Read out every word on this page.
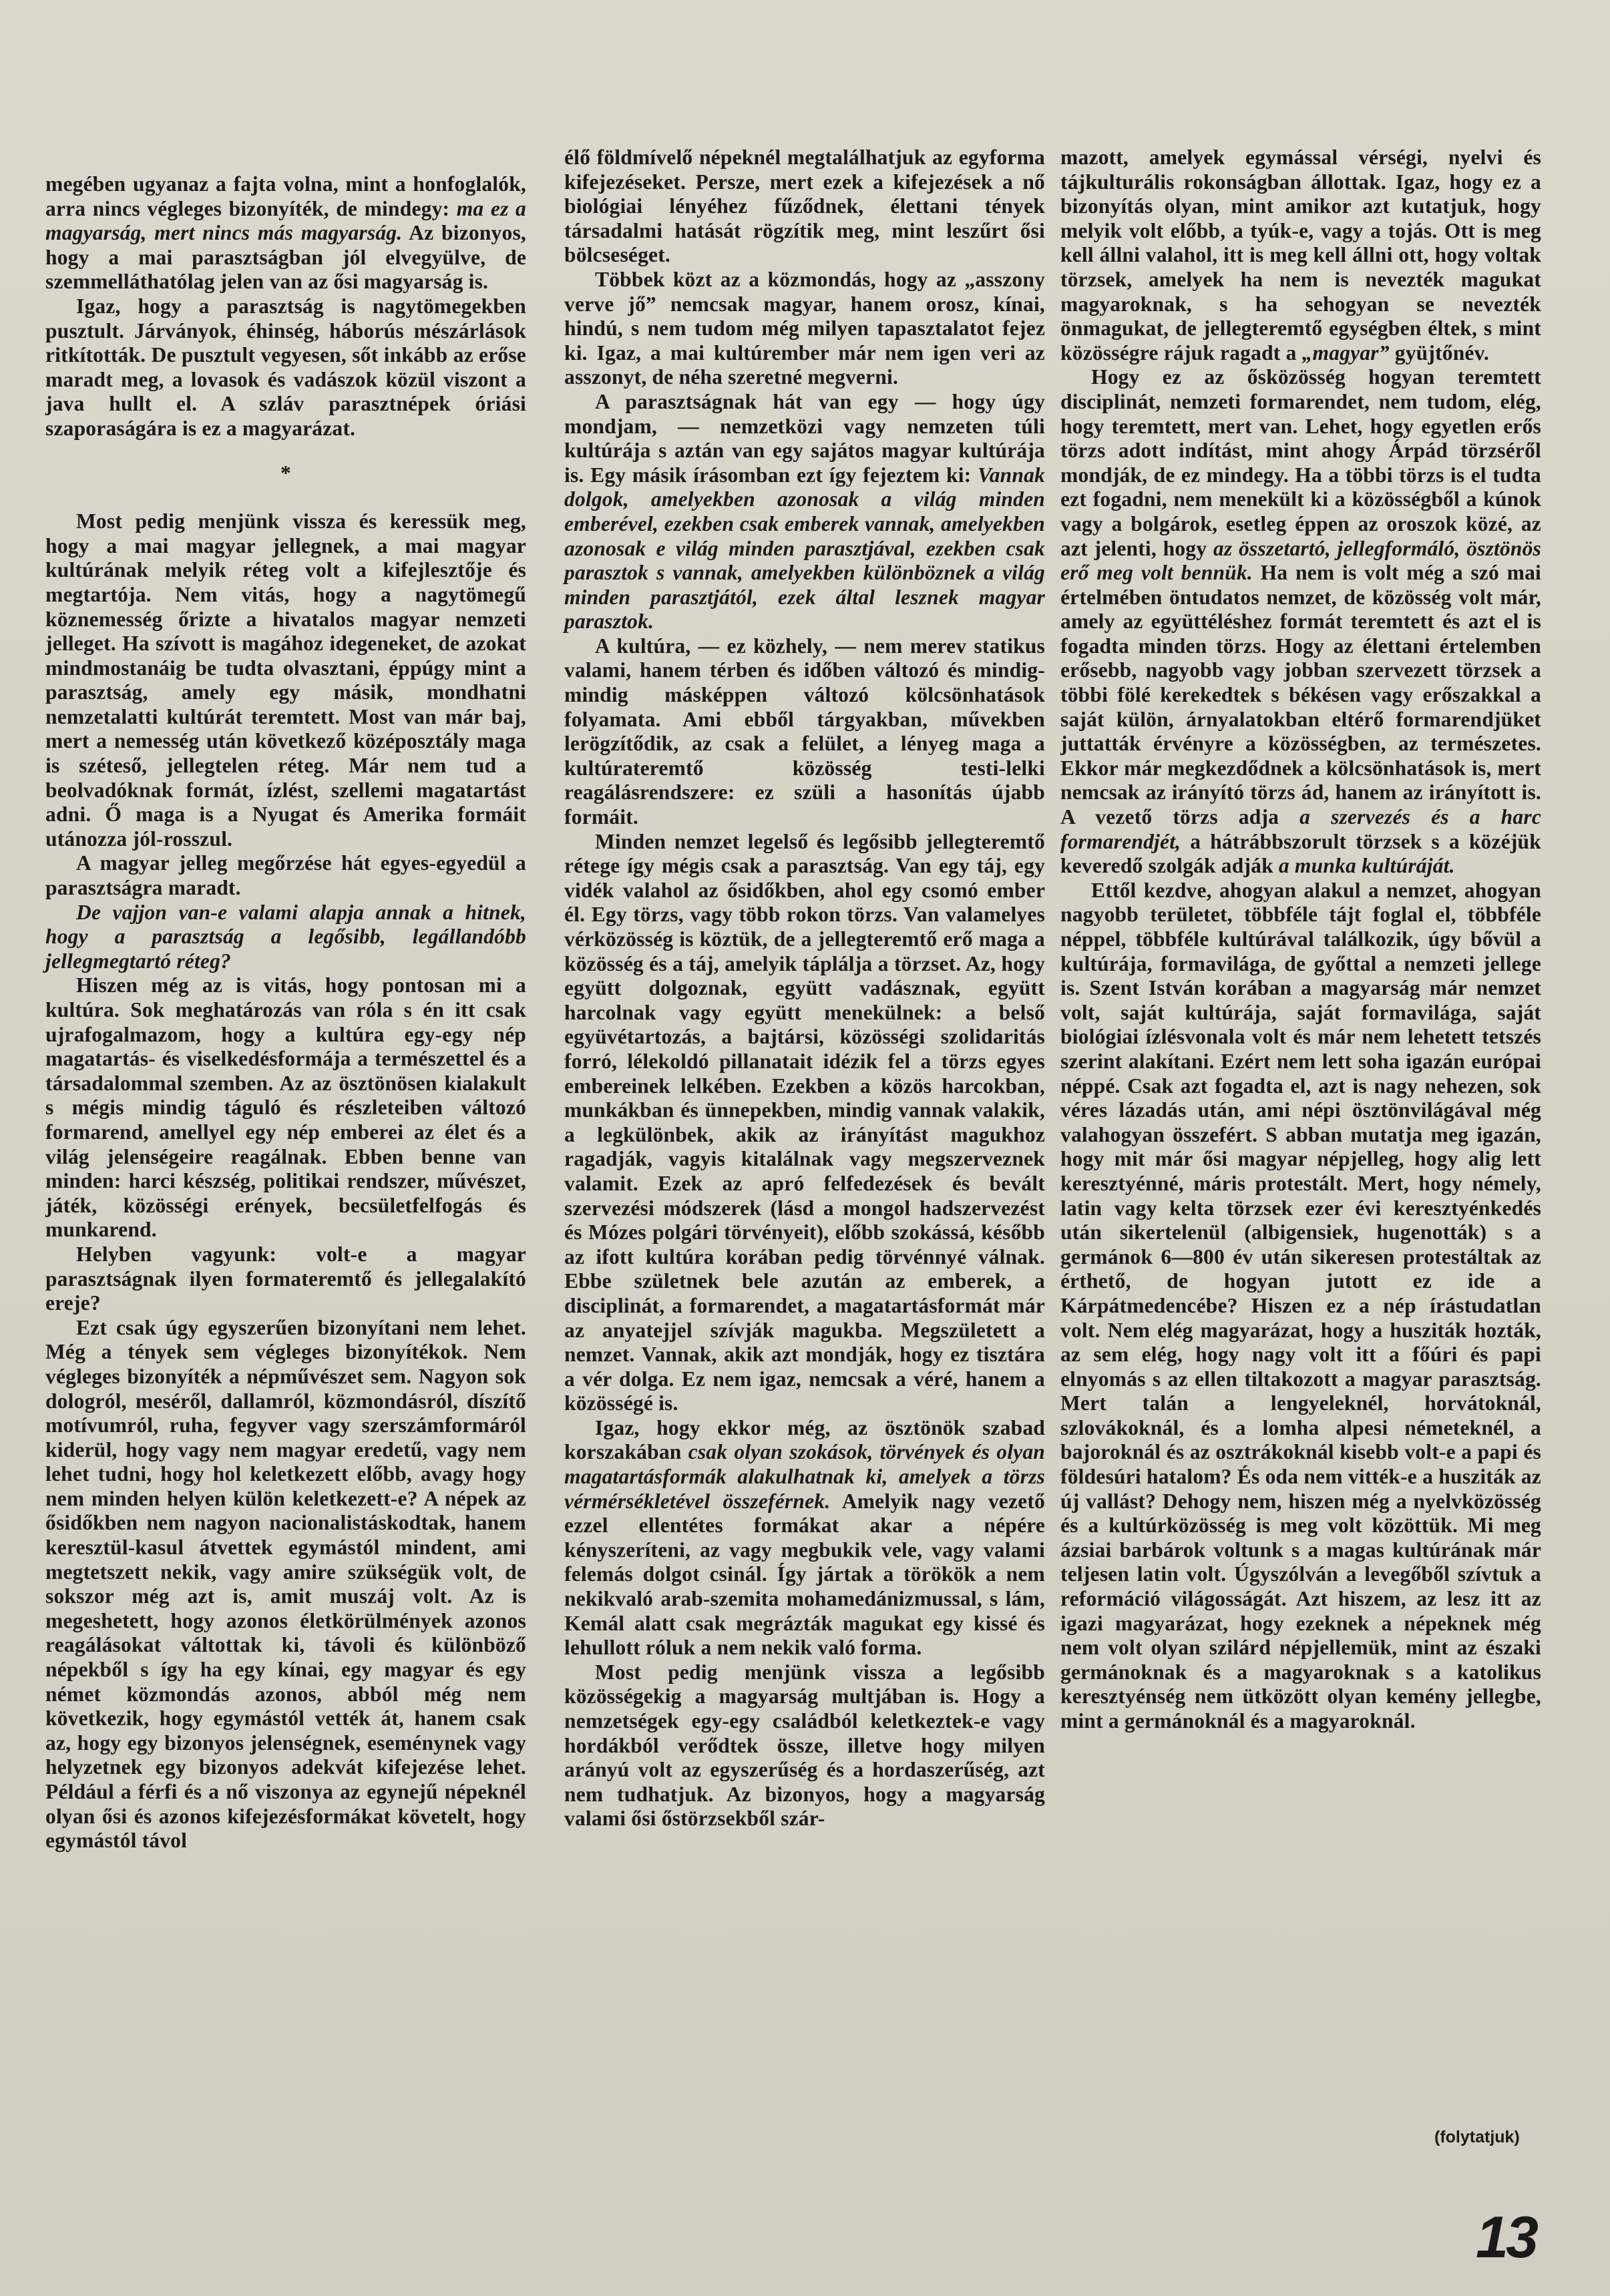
megében ugyanaz a fajta volna, mint a honfoglalók, arra nincs végleges bizonyíték, de mindegy: ma ez a magyarság, mert nincs más magyarság. Az bizonyos, hogy a mai parasztságban jól elvegyülve, de szemmelláthatólag jelen van az ősi magyarság is.

Igaz, hogy a parasztság is nagytömegekben pusztult. Járványok, éhinség, háborús mészárlások ritkították. De pusztult vegyesen, sőt inkább az erőse maradt meg, a lovasok és vadászok közül viszont a java hullt el. A szláv parasztnépek óriási szaporaságára is ez a magyarázat.

*

Most pedig menjünk vissza és keressük meg, hogy a mai magyar jellegnek, a mai magyar kultúrának melyik réteg volt a kifejlesztője és megtartója. Nem vitás, hogy a nagytömegű köznemesség őrizte a hivatalos magyar nemzeti jelleget. Ha szívott is magához idegeneket, de azokat mindmostanáig be tudta olvasztani, éppúgy mint a parasztság, amely egy másik, mondhatni nemzetalatti kultúrát teremtett. Most van már baj, mert a nemesség után következő középosztály maga is széteső, jellegtelen réteg. Már nem tud a beolvadóknak formát, ízlést, szellemi magatartást adni. Ő maga is a Nyugat és Amerika formáit utánozza jól-rosszul.

A magyar jelleg megőrzése hát egyes-egyedül a parasztságra maradt.

De vajjon van-e valami alapja annak a hitnek, hogy a parasztság a legősibb, legállandóbb jellegmegtartó réteg?

Hiszen még az is vitás, hogy pontosan mi a kultúra. Sok meghatározás van róla s én itt csak ujrafogalmazom, hogy a kultúra egy-egy nép magatartás- és viselkedésformája a természettel és a társadalommal szemben. Az az ösztönösen kialakult s mégis mindig táguló és részleteiben változó formarend, amellyel egy nép emberei az élet és a világ jelenségeire reagálnak. Ebben benne van minden: harci készség, politikai rendszer, művészet, játék, közösségi erények, becsületfelfogás és munkarend.

Helyben vagyunk: volt-e a magyar parasztságnak ilyen formateremtő és jellegalakító ereje?

Ezt csak úgy egyszerűen bizonyítani nem lehet. Még a tények sem végleges bizonyítékok. Nem végleges bizonyíték a népművészet sem. Nagyon sok dologról, meséről, dallamról, közmondásról, díszítő motívumról, ruha, fegyver vagy szerszámformáról kiderül, hogy vagy nem magyar eredetű, vagy nem lehet tudni, hogy hol keletkezett előbb, avagy hogy nem minden helyen külön keletkezett-e? A népek az ősidőkben nem nagyon nacionalistáskodtak, hanem keresztül-kasul átvettek egymástól mindent, ami megtetszett nekik, vagy amire szükségük volt, de sokszor még azt is, amit muszáj volt. Az is megeshetett, hogy azonos életkörülmények azonos reagálásokat váltottak ki, távoli és különböző népekből s így ha egy kínai, egy magyar és egy német közmondás azonos, abból még nem következik, hogy egymástól vették át, hanem csak az, hogy egy bizonyos jelenségnek, eseménynek vagy helyzetnek egy bizonyos adekvát kifejezése lehet. Például a férfi és a nő viszonya az egynejű népeknél olyan ősi és azonos kifejezésformákat követelt, hogy egymástól távol

élő földmívelő népeknél megtalálhatjuk az egyforma kifejezéseket. Persze, mert ezek a kifejezések a nő biológiai lényéhez fűződnek, élettani tények társadalmi hatását rögzítik meg, mint leszűrt ősi bölcseséget.

Többek közt az a közmondás, hogy az „asszony verve jő” nemcsak magyar, hanem orosz, kínai, hindú, s nem tudom még milyen tapasztalatot fejez ki. Igaz, a mai kultúrember már nem igen veri az asszonyt, de néha szeretné megverni.

A parasztságnak hát van egy — hogy úgy mondjam, — nemzetközi vagy nemzeten túli kultúrája s aztán van egy sajátos magyar kultúrája is. Egy másik írásomban ezt így fejeztem ki: Vannak dolgok, amelyekben azonosak a világ minden emberével, ezekben csak emberek vannak, amelyekben azonosak e világ minden parasztjával, ezekben csak parasztok s vannak, amelyekben különböznek a világ minden parasztjától, ezek által lesznek magyar parasztok.

A kultúra, — ez közhely, — nem merev statikus valami, hanem térben és időben változó és mindig-mindig másképpen változó kölcsönhatások folyamata. Ami ebből tárgyakban, művekben lerögzítődik, az csak a felület, a lényeg maga a kultúrateremtő közösség testi-lelki reagálásrendszere: ez szüli a hasonítás újabb formáit.

Minden nemzet legelső és legősibb jellegteremtő rétege így mégis csak a parasztság. Van egy táj, egy vidék valahol az ősidőkben, ahol egy csomó ember él. Egy törzs, vagy több rokon törzs. Van valamelyes vérközösség is köztük, de a jellegteremtő erő maga a közösség és a táj, amelyik táplálja a törzset. Az, hogy együtt dolgoznak, együtt vadásznak, együtt harcolnak vagy együtt menekülnek: a belső együvétartozás, a bajtársi, közösségi szolidaritás forró, lélekoldó pillanatait idézik fel a törzs egyes embereinek lelkében. Ezekben a közös harcokban, munkákban és ünnepekben, mindig vannak valakik, a legkülönbek, akik az irányítást magukhoz ragadják, vagyis kitalálnak vagy megszerveznek valamit. Ezek az apró felfedezések és bevált szervezési módszerek (lásd a mongol hadszervezést és Mózes polgári törvényeit), előbb szokássá, később az ifott kultúra korában pedig törvénnyé válnak. Ebbe születnek bele azután az emberek, a disciplinát, a formarendet, a magatartásformát már az anyatejjel szívják magukba. Megszületett a nemzet. Vannak, akik azt mondják, hogy ez tisztára a vér dolga. Ez nem igaz, nemcsak a véré, hanem a közösségé is.

Igaz, hogy ekkor még, az ösztönök szabad korszakában csak olyan szokások, törvények és olyan magatartásformák alakulhatnak ki, amelyek a törzs vérmérsékletével összeférnek. Amelyik nagy vezető ezzel ellentétes formákat akar a népére kényszeríteni, az vagy megbukik vele, vagy valami felemás dolgot csinál. Így jártak a törökök a nem nekikvaló arab-szemita mohamedánizmussal, s lám, Kemál alatt csak megrázták magukat egy kissé és lehullott róluk a nem nekik való forma.

Most pedig menjünk vissza a legősibb közösségekig a magyarság multjában is. Hogy a nemzetségek egy-egy családból keletkeztek-e vagy hordákból verődtek össze, illetve hogy milyen arányú volt az egyszerűség és a hordaszerűség, azt nem tudhatjuk. Az bizonyos, hogy a magyarság valami ősi őstörzsekből szár-

mazott, amelyek egymással vérségi, nyelvi és tájkulturális rokonságban állottak. Igaz, hogy ez a bizonyítás olyan, mint amikor azt kutatjuk, hogy melyik volt előbb, a tyúk-e, vagy a tojás. Ott is meg kell állni valahol, itt is meg kell állni ott, hogy voltak törzsek, amelyek ha nem is nevezték magukat magyaroknak, s ha sehogyan se nevezték önmagukat, de jellegteremtő egységben éltek, s mint közösségre rájuk ragadt a „magyar” gyüjtőnév.

Hogy ez az ősközösség hogyan teremtett disciplinát, nemzeti formarendet, nem tudom, elég, hogy teremtett, mert van. Lehet, hogy egyetlen erős törzs adott indítást, mint ahogy Árpád törzséről mondják, de ez mindegy. Ha a többi törzs is el tudta ezt fogadni, nem menekült ki a közösségből a kúnok vagy a bolgárok, esetleg éppen az oroszok közé, az azt jelenti, hogy az összetartó, jellegformáló, ösztönös erő meg volt bennük. Ha nem is volt még a szó mai értelmében öntudatos nemzet, de közösség volt már, amely az együttéléshez formát teremtett és azt el is fogadta minden törzs. Hogy az élettani értelemben erősebb, nagyobb vagy jobban szervezett törzsek a többi fölé kerekedtek s békésen vagy erőszakkal a saját külön, árnyalatokban eltérő formarendjüket juttatták érvényre a közösségben, az természetes. Ekkor már megkezdődnek a kölcsönhatások is, mert nemcsak az irányító törzs ád, hanem az irányított is. A vezető törzs adja a szervezés és a harc formarendjét, a hátrábbszorult törzsek s a közéjük keveredő szolgák adják a munka kultúráját.

Ettől kezdve, ahogyan alakul a nemzet, ahogyan nagyobb területet, többféle tájt foglal el, többféle néppel, többféle kultúrával találkozik, úgy bővül a kultúrája, formavilága, de győttal a nemzeti jellege is. Szent István korában a magyarság már nemzet volt, saját kultúrája, saját formavilága, saját biológiai ízlésvonala volt és már nem lehetett tetszés szerint alakítani. Ezért nem lett soha igazán európai néppé. Csak azt fogadta el, azt is nagy nehezen, sok véres lázadás után, ami népi ösztönvilágával még valahogyan összefért. S abban mutatja meg igazán, hogy mit már ősi magyar népjelleg, hogy alig lett keresztyénné, máris protestált. Mert, hogy némely, latin vagy kelta törzsek ezer évi keresztyénkedés után sikertelenül (albigensiek, hugenották) s a germánok 6—800 év után sikeresen protestáltak az érthető, de hogyan jutott ez ide a Kárpátmedencébe? Hiszen ez a nép írástudatlan volt. Nem elég magyarázat, hogy a husziták hozták, az sem elég, hogy nagy volt itt a főúri és papi elnyomás s az ellen tiltakozott a magyar parasztság. Mert talán a lengyeleknél, horvátoknál, szlovákoknál, és a lomha alpesi németeknél, a bajoroknál és az osztrákoknál kisebb volt-e a papi és földesúri hatalom? És oda nem vitték-e a husziták az új vallást? Dehogy nem, hiszen még a nyelvközösség és a kultúrközösség is meg volt közöttük. Mi meg ázsiai barbárok voltunk s a magas kultúrának már teljesen latin volt. Úgyszólván a levegőből szívtuk a reformáció világosságát. Azt hiszem, az lesz itt az igazi magyarázat, hogy ezeknek a népeknek még nem volt olyan szilárd népjellemük, mint az északi germánoknak és a magyaroknak s a katolikus keresztyénség nem ütközött olyan kemény jellegbe, mint a germánoknál és a magyaroknál.

(folytatjuk)
13
